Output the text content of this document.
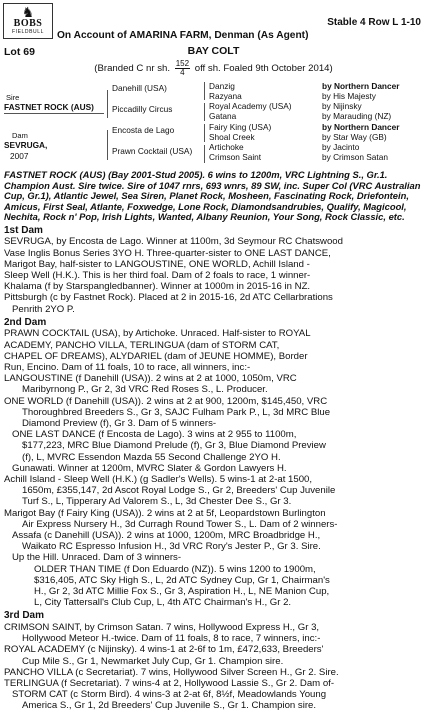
♞
BOBS
FIELDBULL
Stable 4 Row L 1-10
On Account of AMARINA FARM, Denman (As Agent)
Lot 69	BAY COLT
(Branded C nr sh. $\frac{152}{4}$ off sh. Foaled 9th October 2014)
Sire
FASTNET ROCK (AUS)
Dam
SEVRUGA,
2007
Danehill (USA)
Piccadilly Circus
Encosta de Lago
Prawn Cocktail (USA)
Danzig
Razyana
Royal Academy (USA)
Gatana
Fairy King (USA)
Shoal Creek
Artichoke
Crimson Saint
by Northern Dancer
by His Majesty
by Nijinsky
by Marauding (NZ)
by Northern Dancer
by Star Way (GB)
by Jacinto
by Crimson Satan

FASTNET ROCK (AUS) (Bay 2001-Stud 2005). 6 wins to 1200m, VRC Lightning S., Gr.1. Champion Aust. Sire twice. Sire of 1047 rnrs, 693 wnrs, 89 SW, inc. Super Col (VRC Australian Cup, Gr.1), Atlantic Jewel, Sea Siren, Planet Rock, Mosheen, Fascinating Rock, Driefontein, Amicus, First Seal, Atlante, Foxwedge, Lone Rock, Diamondsandrubies, Qualify, Magicool, Nechita, Rock n' Pop, Irish Lights, Wanted, Albany Reunion, Your Song, Rock Classic, etc.

1st Dam

SEVRUGA, by Encosta de Lago. Winner at 1100m, 3d Seymour RC Chatswood

Vase Inglis Bonus Series 3YO H. Three-quarter-sister to ONE LAST DANCE,

Marigot Bay, half-sister to LANGOUSTINE, ONE WORLD, Achill Island -

Sleep Well (H.K.). This is her third foal. Dam of 2 foals to race, 1 winner-

Khalama (f by Starspangledbanner). Winner at 1000m in 2015-16 in NZ.

Pittsburgh (c by Fastnet Rock). Placed at 2 in 2015-16, 2d ATC Cellarbrations

Penrith 2YO P.

2nd Dam

PRAWN COCKTAIL (USA), by Artichoke. Unraced. Half-sister to ROYAL

ACADEMY, PANCHO VILLA, TERLINGUA (dam of STORM CAT,

CHAPEL OF DREAMS), ALYDARIEL (dam of JEUNE HOMME), Border

Run, Encino. Dam of 11 foals, 10 to race, all winners, inc:-

LANGOUSTINE (f Danehill (USA)). 2 wins at 2 at 1000, 1050m, VRC

Maribyrnong P., Gr 2, 3d VRC Red Roses S., L. Producer.

ONE WORLD (f Danehill (USA)). 2 wins at 2 at 900, 1200m, $145,450, VRC

Thoroughbred Breeders S., Gr 3, SAJC Fulham Park P., L, 3d MRC Blue

Diamond Preview (f), Gr 3. Dam of 5 winners-

ONE LAST DANCE (f Encosta de Lago). 3 wins at 2 955 to 1100m,

$177,223, MRC Blue Diamond Prelude (f), Gr 3, Blue Diamond Preview

(f), L, MVRC Essendon Mazda 55 Second Challenge 2YO H.

Gunawati. Winner at 1200m, MVRC Slater & Gordon Lawyers H.

Achill Island - Sleep Well (H.K.) (g Sadler's Wells). 5 wins-1 at 2-at 1500,

1650m, £355,147, 2d Ascot Royal Lodge S., Gr 2, Breeders' Cup Juvenile

Turf S., L, Tipperary Ad Valorem S., L, 3d Chester Dee S., Gr 3.

Marigot Bay (f Fairy King (USA)). 2 wins at 2 at 5f, Leopardstown Burlington

Air Express Nursery H., 3d Curragh Round Tower S., L. Dam of 2 winners-

Assafa (c Danehill (USA)). 2 wins at 1000, 1200m, MRC Broadbridge H.,

Waikato RC Espresso Infusion H., 3d VRC Rory's Jester P., Gr 3. Sire.

Up the Hill. Unraced. Dam of 3 winners-

OLDER THAN TIME (f Don Eduardo (NZ)). 5 wins 1200 to 1900m,

$316,405, ATC Sky High S., L, 2d ATC Sydney Cup, Gr 1, Chairman's

H., Gr 2, 3d ATC Millie Fox S., Gr 3, Aspiration H., L, NE Manion Cup,

L, City Tattersall's Club Cup, L, 4th ATC Chairman's H., Gr 2.

3rd Dam

CRIMSON SAINT, by Crimson Satan. 7 wins, Hollywood Express H., Gr 3,

Hollywood Meteor H.-twice. Dam of 11 foals, 8 to race, 7 winners, inc:-

ROYAL ACADEMY (c Nijinsky). 4 wins-1 at 2-6f to 1m, £472,633, Breeders'

Cup Mile S., Gr 1, Newmarket July Cup, Gr 1. Champion sire.

PANCHO VILLA (c Secretariat). 7 wins, Hollywood Silver Screen H., Gr 2. Sire.

TERLINGUA (f Secretariat). 7 wins-4 at 2, Hollywood Lassie S., Gr 2. Dam of-

STORM CAT (c Storm Bird). 4 wins-3 at 2-at 6f, 8½f, Meadowlands Young

America S., Gr 1, 2d Breeders' Cup Juvenile S., Gr 1. Champion sire.
